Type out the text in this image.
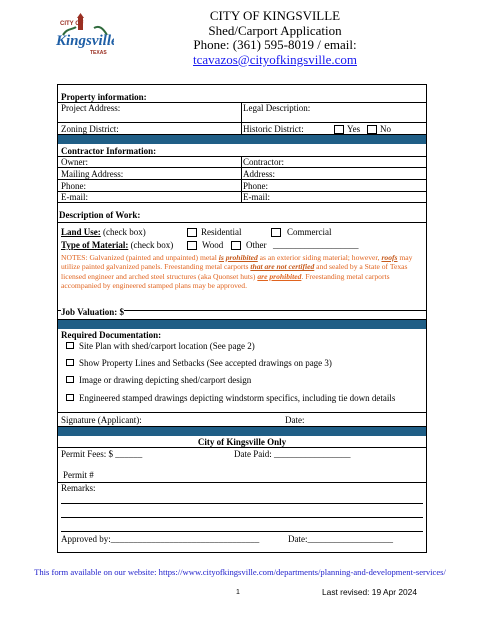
CITY OF
Kingsville
TEXAS
CITY OF KINGSVILLE
Shed/Carport Application
Phone: (361) 595-8019 / email: tcavazos@cityofkingsville.com
Property information:
Project Address:	Legal Description:
Zoning District:	Historic District:	Yes No
Contractor Information:
Owner:	Contractor:
Mailing Address:	Address:
Phone:	Phone:
E-mail:	E-mail:
Description of Work:
Land Use: (check box)	Residential	Commercial
Type of Material: (check box)	Wood	Other ___________________
NOTES: Galvanized (painted and unpainted) metal is prohibited as an exterior siding material; however, roofs may utilize painted galvanized panels. Freestanding metal carports that are not certified and sealed by a State of Texas licensed engineer and arched steel structures (aka Quonset huts) are prohibited. Freestanding metal carports accompanied by engineered stamped plans may be approved.
Job Valuation: $
Required Documentation:
Site Plan with shed/carport location (See page 2)
Show Property Lines and Setbacks (See accepted drawings on page 3)
Image or drawing depicting shed/carport design
Engineered stamped drawings depicting windstorm specifics, including tie down details
Signature (Applicant):	Date:
City of Kingsville Only
Permit Fees: $ ______	Date Paid: _________________
Permit #
Remarks:
Approved by:_________________________________	Date:___________________
This form available on our website: https://www.cityofkingsville.com/departments/planning-and-development-services/
1	Last revised: 19 Apr 2024
